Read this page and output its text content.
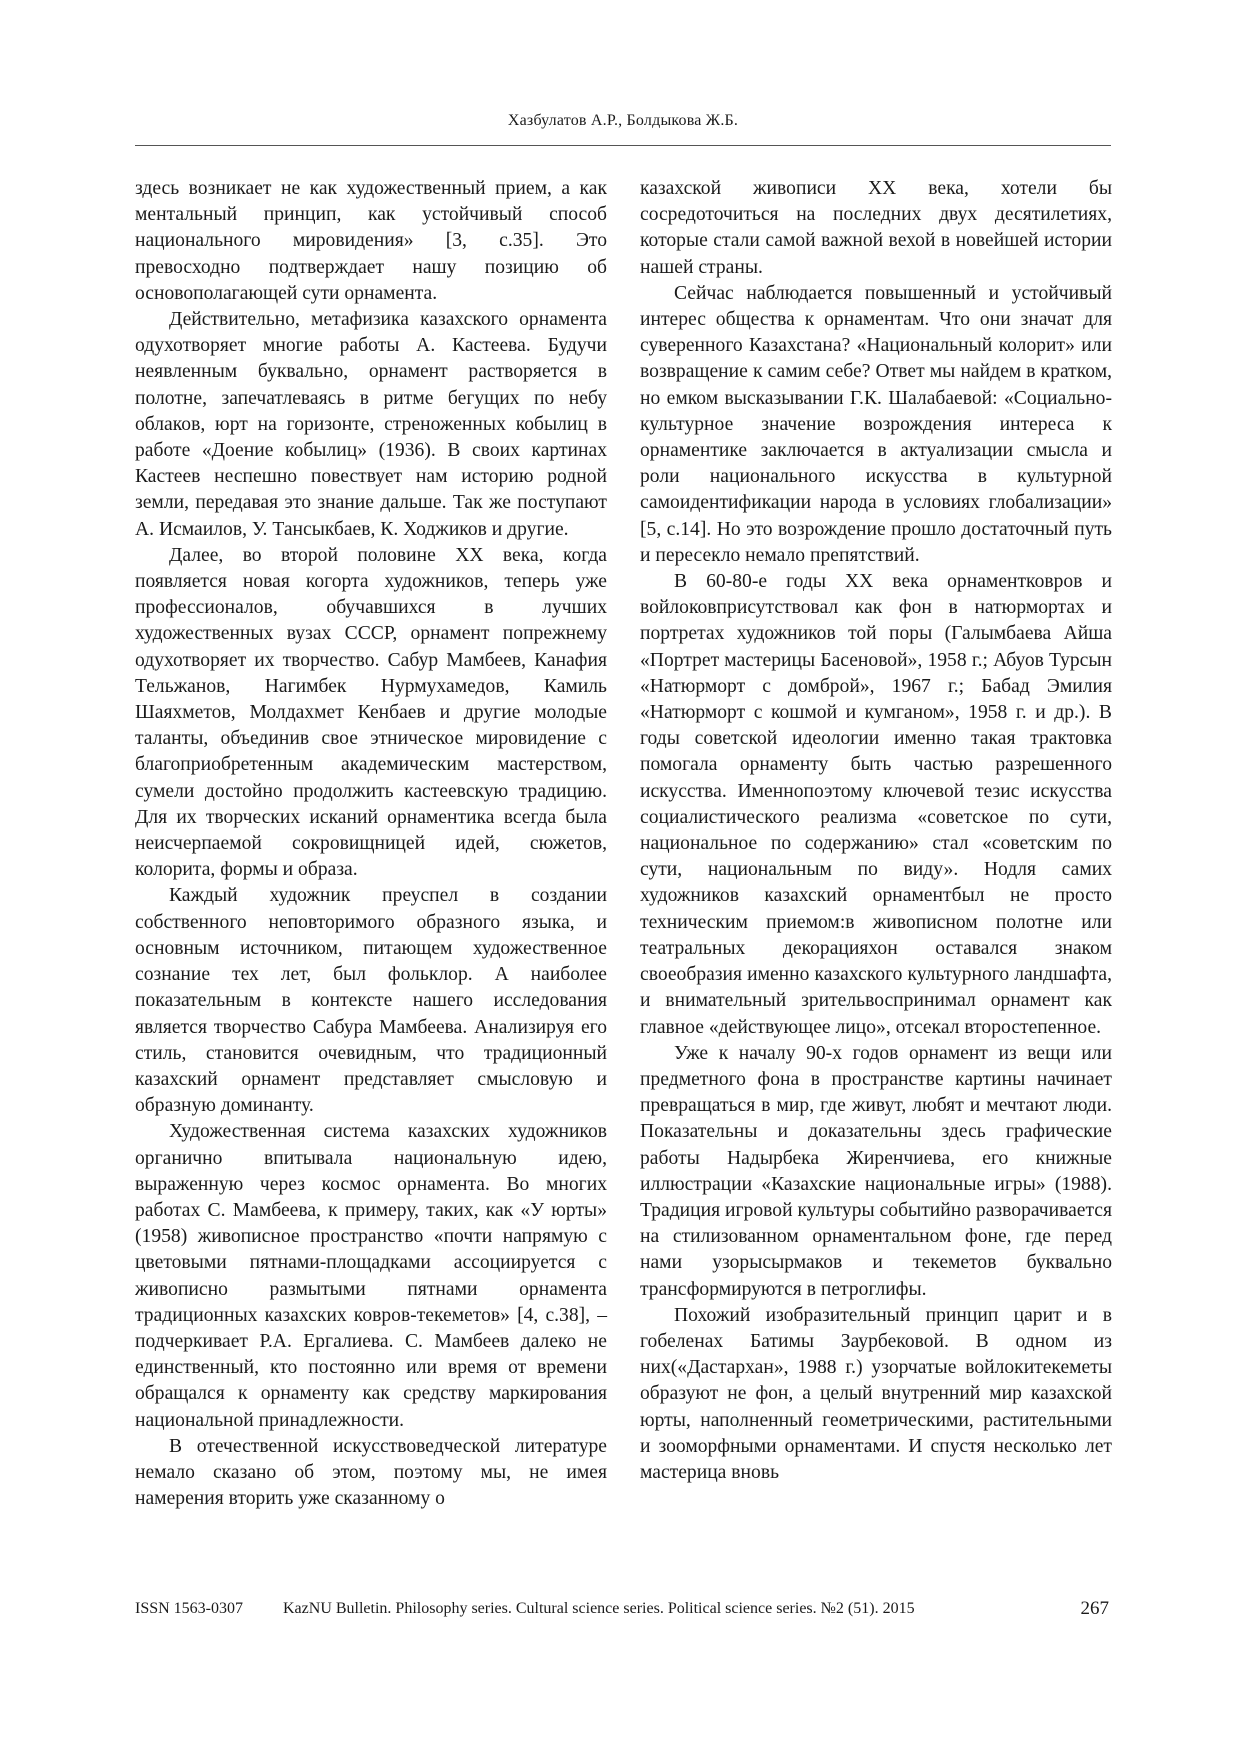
Хазбулатов А.Р., Болдыкова Ж.Б.

здесь возникает не как художественный прием, а как ментальный принцип, как устойчивый способ национального мировидения» [3, с.35]. Это превосходно подтверждает нашу позицию об основополагающей сути орнамента.

Действительно, метафизика казахского орнамента одухотворяет многие работы А. Кастеева. Будучи неявленным буквально, орнамент растворяется в полотне, запечатлеваясь в ритме бегущих по небу облаков, юрт на горизонте, стреноженных кобылиц в работе «Доение кобылиц» (1936). В своих картинах Кастеев неспешно повествует нам историю родной земли, передавая это знание дальше. Так же поступают А. Исмаилов, У. Тансыкбаев, К. Ходжиков и другие.

Далее, во второй половине XX века, когда появляется новая когорта художников, теперь уже профессионалов, обучавшихся в лучших художественных вузах СССР, орнамент попрежнему одухотворяет их творчество. Сабур Мамбеев, Канафия Тельжанов, Нагимбек Нурмухамедов, Камиль Шаяхметов, Молдахмет Кенбаев и другие молодые таланты, объединив свое этническое мировидение с благоприобретенным академическим мастерством, сумели достойно продолжить кастеевскую традицию. Для их творческих исканий орнаментика всегда была неисчерпаемой сокровищницей идей, сюжетов, колорита, формы и образа.

Каждый художник преуспел в создании собственного неповторимого образного языка, и основным источником, питающем художественное сознание тех лет, был фольклор. А наиболее показательным в контексте нашего исследования является творчество Сабура Мамбеева. Анализируя его стиль, становится очевидным, что традиционный казахский орнамент представляет смысловую и образную доминанту.

Художественная система казахских художников органично впитывала национальную идею, выраженную через космос орнамента. Во многих работах С. Мамбеева, к примеру, таких, как «У юрты» (1958) живописное пространство «почти напрямую с цветовыми пятнами-площадками ассоциируется с живописно размытыми пятнами орнамента традиционных казахских ковров-текеметов» [4, с.38], – подчеркивает Р.А. Ергалиева. С. Мамбеев далеко не единственный, кто постоянно или время от времени обращался к орнаменту как средству маркирования национальной принадлежности.

В отечественной искусствоведческой литературе немало сказано об этом, поэтому мы, не имея намерения вторить уже сказанному о

казахской живописи XX века, хотели бы сосредоточиться на последних двух десятилетиях, которые стали самой важной вехой в новейшей истории нашей страны.

Сейчас наблюдается повышенный и устойчивый интерес общества к орнаментам. Что они значат для суверенного Казахстана? «Национальный колорит» или возвращение к самим себе? Ответ мы найдем в кратком, но емком высказывании Г.К. Шалабаевой: «Социально-культурное значение возрождения интереса к орнаментике заключается в актуализации смысла и роли национального искусства в культурной самоидентификации народа в условиях глобализации» [5, с.14]. Но это возрождение прошло достаточный путь и пересекло немало препятствий.

В 60-80-е годы XX века орнаментковров и войлоковприсутствовал как фон в натюрмортах и портретах художников той поры (Галымбаева Айша «Портрет мастерицы Басеновой», 1958 г.; Абуов Турсын «Натюрморт с домброй», 1967 г.; Бабад Эмилия «Натюрморт с кошмой и кумганом», 1958 г. и др.). В годы советской идеологии именно такая трактовка помогала орнаменту быть частью разрешенного искусства. Именнопоэтому ключевой тезис искусства социалистического реализма «советское по сути, национальное по содержанию» стал «советским по сути, национальным по виду». Нодля самих художников казахский орнаментбыл не просто техническим приемом:в живописном полотне или театральных декорацияхон оставался знаком своеобразия именно казахского культурного ландшафта, и внимательный зрительвоспринимал орнамент как главное «действующее лицо», отсекал второстепенное.

Уже к началу 90-х годов орнамент из вещи или предметного фона в пространстве картины начинает превращаться в мир, где живут, любят и мечтают люди. Показательны и доказательны здесь графические работы Надырбека Жиренчиева, его книжные иллюстрации «Казахские национальные игры» (1988). Традиция игровой культуры событийно разворачивается на стилизованном орнаментальном фоне, где перед нами узорысырмаков и текеметов буквально трансформируются в петроглифы.

Похожий изобразительный принцип царит и в гобеленах Батимы Заурбековой. В одном из них(«Дастархан», 1988 г.) узорчатые войлокитекеметы образуют не фон, а целый внутренний мир казахской юрты, наполненный геометрическими, растительными и зооморфными орнаментами. И спустя несколько лет мастерица вновь

ISSN 1563-0307 KazNU Bulletin. Philosophy series. Cultural science series. Political science series. №2 (51). 2015	267
